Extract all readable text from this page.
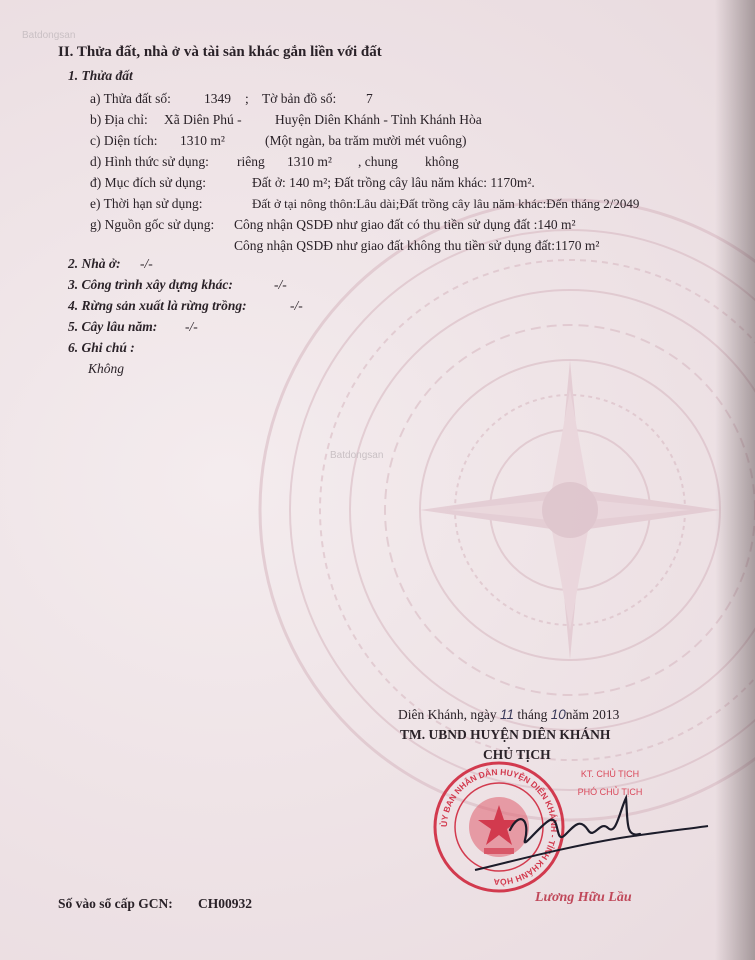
Batdongsan
Batdongsan
II. Thửa đất, nhà ở và tài sản khác gắn liền với đất
1. Thửa đất
a) Thửa đất số: 1349 ; Tờ bản đồ số: 7
b) Địa chỉ: Xã Diên Phú - Huyện Diên Khánh - Tỉnh Khánh Hòa
c) Diện tích: 1310 m²	(Một ngàn, ba trăm mười mét vuông)
d) Hình thức sử dụng: riêng 1310 m² , chung không
đ) Mục đích sử dụng:	Đất ở: 140 m²; Đất trồng cây lâu năm khác: 1170m².
e) Thời hạn sử dụng:	Đất ở tại nông thôn:Lâu dài;Đất trồng cây lâu năm khác:Đến tháng 2/2049
g) Nguồn gốc sử dụng: Công nhận QSDĐ như giao đất có thu tiền sử dụng đất :140 m²
Công nhận QSDĐ như giao đất không thu tiền sử dụng đất:1170 m²
2. Nhà ở: -/-
3. Công trình xây dựng khác:	-/-
4. Rừng sản xuất là rừng trồng:	-/-
5. Cây lâu năm: -/-
6. Ghi chú :
Không
Diên Khánh, ngày 11 tháng 10năm 2013
TM. UBND HUYỆN DIÊN KHÁNH
CHỦ TỊCH
ỦY BAN NHÂN DÂN HUYỆN DIÊN KHÁNH - TỈNH KHÁNH HÒA
KT. CHỦ TỊCH
PHÓ CHỦ TỊCH
Lương Hữu Lầu
Số vào sổ cấp GCN: CH00932
